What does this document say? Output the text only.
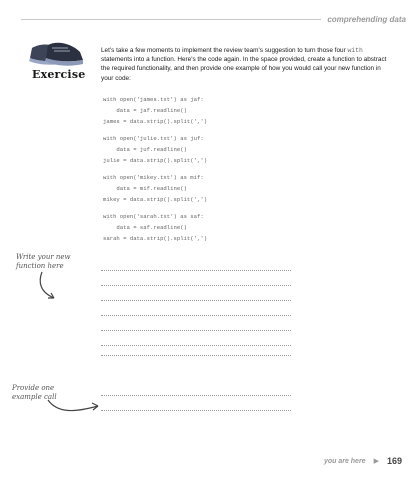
comprehending data
Exercise

Let's take a few moments to implement the review team's suggestion to turn those four with statements into a function. Here's the code again. In the space provided, create a function to abstract the required functionality, and then provide one example of how you would call your new function in your code:

with open('james.txt') as jaf:
data = jaf.readline()
james = data.strip().split(',')
with open('julie.txt') as juf:
data = juf.readline()
julie = data.strip().split(',')
with open('mikey.txt') as mif:
data = mif.readline()
mikey = data.strip().split(',')
with open('sarah.txt') as saf:
data = saf.readline()
sarah = data.strip().split(',')
Write your new
function here
Provide one
example call
you are here ▶ 169
